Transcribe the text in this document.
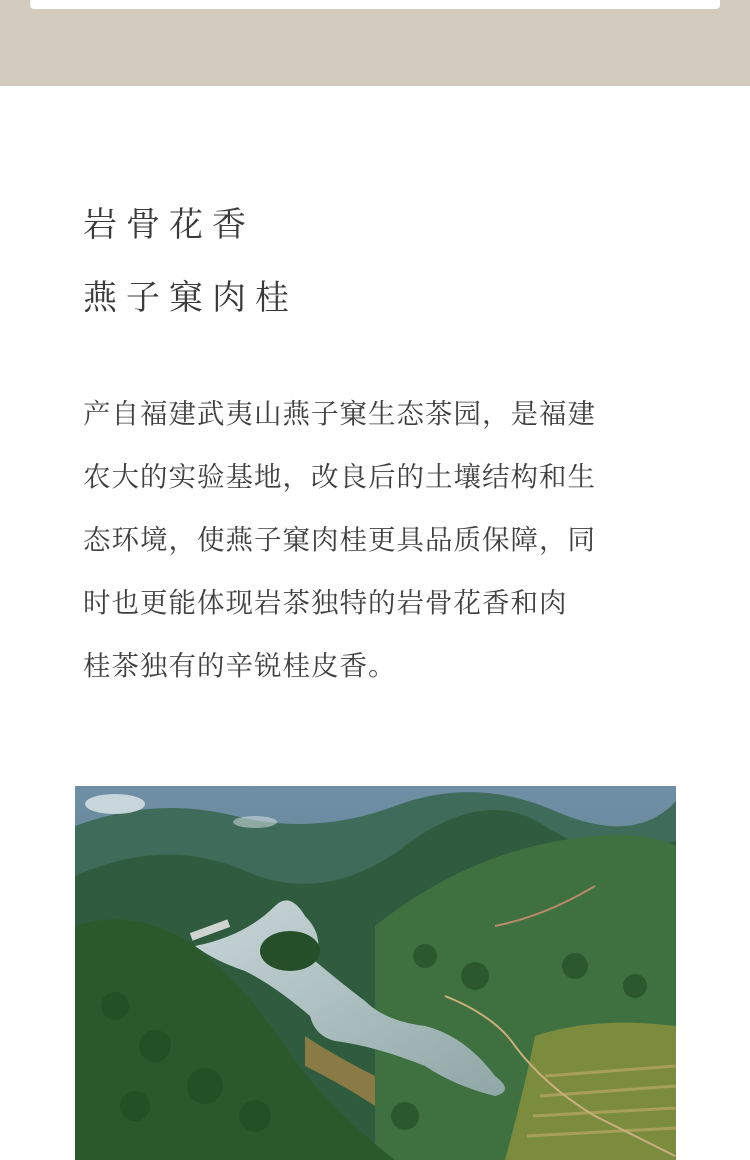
岩骨花香
燕子窠肉桂

产自福建武夷山燕子窠生态茶园，是福建
农大的实验基地，改良后的土壤结构和生
态环境，使燕子窠肉桂更具品质保障，同
时也更能体现岩茶独特的岩骨花香和肉
桂茶独有的辛锐桂皮香。
